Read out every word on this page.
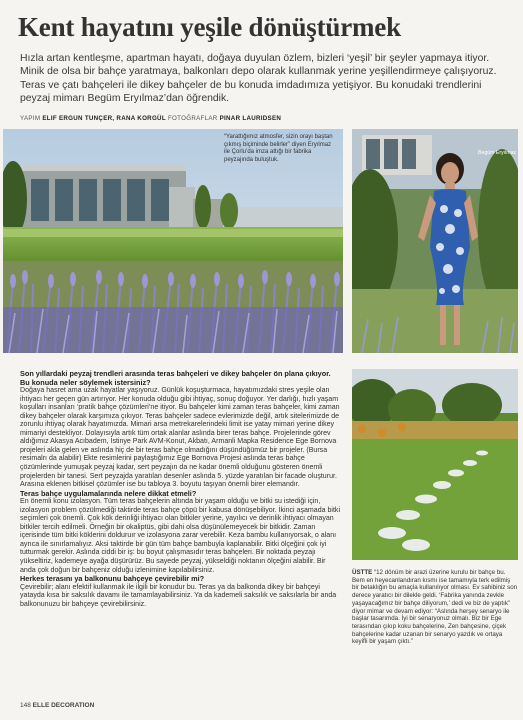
Kent hayatını yeşile dönüştürmek

Hızla artan kentleşme, apartman hayatı, doğaya duyulan özlem, bizleri ‘yeşil’ bir şeyler yapmaya itiyor. Minik de olsa bir bahçe yaratmaya, balkonları depo olarak kullanmak yerine yeşillendirmeye çalışıyoruz. Teras ve çatı bahçeleri ile dikey bahçeler de bu konuda imdadımıza yetişiyor. Bu konudaki trendlerini peyzaj mimarı Begüm Eryılmaz’dan öğrendik.

YAPIM ELIF ERGUN TUNÇER, RANA KORGÜL FOTOĞRAFLAR PINAR LAURIDSEN
“Yarattığımız atmosfer, sizin orayı baştan çıkmış biçiminde belirler” diyen Eryılmaz ile Çorlu’da imza attığı bir fabrika peyzajında buluştuk.
Begüm Eryılmaz

Son yıllardaki peyzaj trendleri arasında teras bahçeleri ve dikey bahçeler ön plana çıkıyor. Bu konuda neler söylemek istersiniz?

Doğaya hasret ama uzak hayatlar yaşıyoruz. Günlük koşuşturmaca, hayatımızdaki stres yeşile olan ihtiyacı her geçen gün artırıyor. Her konuda olduğu gibi ihtiyaç, sonuç doğuyor. Yer darlığı, hızlı yaşam koşulları insanları ‘pratik bahçe çözümleri’ne itiyor. Bu bahçeler kimi zaman teras bahçeler, kimi zaman dikey bahçeler olarak karşımıza çıkıyor. Teras bahçeler sadece evlerimizde değil, artık sitelerimizde de zorunlu ihtiyaç olarak hayatımızda. Mimari arsa metrekarelerindeki limit ise yatay mimari yerine dikey mimariyi destekliyor. Dolayısıyla artık tüm ortak alanlar aslında birer teras bahçe. Projelerinde görev aldığımız Akasya Acıbadem, İstinye Park AVM-Konut, Akbatı, Armanli Mapka Residence Ege Bornova projeleri akla gelen ve aslında hiç de bir teras bahçe olmadığını düşündüğümüz bir projeler. (Bursa resimalrı da alabilir) Ekte resimlerini paylaştığımız Ege Bornova Projesi aslında teras bahçe çözümlerinde yumuşak peyzaj kadar, sert peyzajın da ne kadar önemli olduğunu gösteren önemli projelerden bir tanesi. Sert peyzajda yaratılan desenler aslında 5. yüzde yaratılan bir facade oluşturur. Arasına eklenen bitkisel çözümler ise bu tabloya 3. boyutu taşıyan önemli birer elemandır.

Teras bahçe uygulamalarında nelere dikkat etmeli?

En önemli konu izolasyon. Tüm teras bahçelerin altında bir yaşam olduğu ve bitki su istediği için, izolasyon problem çözülmediği taktirde teras bahçe çöpü bir kabusa dönüşebiliyor. İkinci aşamada bitki seçimleri çok önemli. Çok kök derinliği ihtiyacı olan bitkiler yerine, yayılıcı ve derinlik ihtiyacı olmayan bitkiler tercih edilmeli. Örneğin bir okaliptüs, gibi dahi olsa düşünülemeyecek bir bitkidir. Zaman içerisinde tüm bitki köklerini dolduruır ve izolasyona zarar verebilir. Keza bambu kullanıyorsak, o alanı ayrıca ile sınırlamalıyız. Aksi taktirde bir gün tüm bahçe bambuyla kaplanabilir. Bitki ölçeğini çok iyi tutturmak gerekir. Aslında ciddi bir iş: bu boyut çalışmasıdır teras bahçeleri. Bir noktada peyzajı yükseltiriz, kademeye ayağa düşürürüz. Bu sayede peyzaj, yükseldiği noktanın ölçeğini alabilir. Bir anda çok doğun bir bahçeniz olduğu izlenimine kapılabilirsiniz.

Herkes terasını ya balkonunu bahçeye çevirebilir mi?

Çevirebilir; alanı efektif kullanmak ile ilgili bir konudur bu. Teras ya da balkonda dikey bir bahçeyi yatayda kısa bir saksılık davamı ile tamamlayabilirsiniz. Ya da kademeli saksılık ve saksılarla bir anda balkonunuzu bir bahçeye çevirebilirsiniz.

ÜSTTE “12 dönüm bir arazi üzerine kurulu bir bahçe bu. Bem en heyecanlandıran kısmı ise tamamıyla terk edilmiş bir betaklığın bu amaçla kullanılıyor olması. Ev sahibiniz son derece yaratıcı bir dilekle geldi. ‘Fabrika yanında zevkle yaşayacağımız bir bahçe diliyorum,’ dedi ve biz de yaptık” diyor mimar ve devam ediyor: “Aslında herşey senaryo ile başlar tasarımda. İyi bir senaryonuz olmalı. Biz bir Ege terasından çıkıp koku bahçelerine, Zen bahçesine, çiçek bahçelerine kadar uzanan bir senaryo yazdık ve ortaya keyifli bir yaşam çıktı.”
148 ELLE DECORATION
